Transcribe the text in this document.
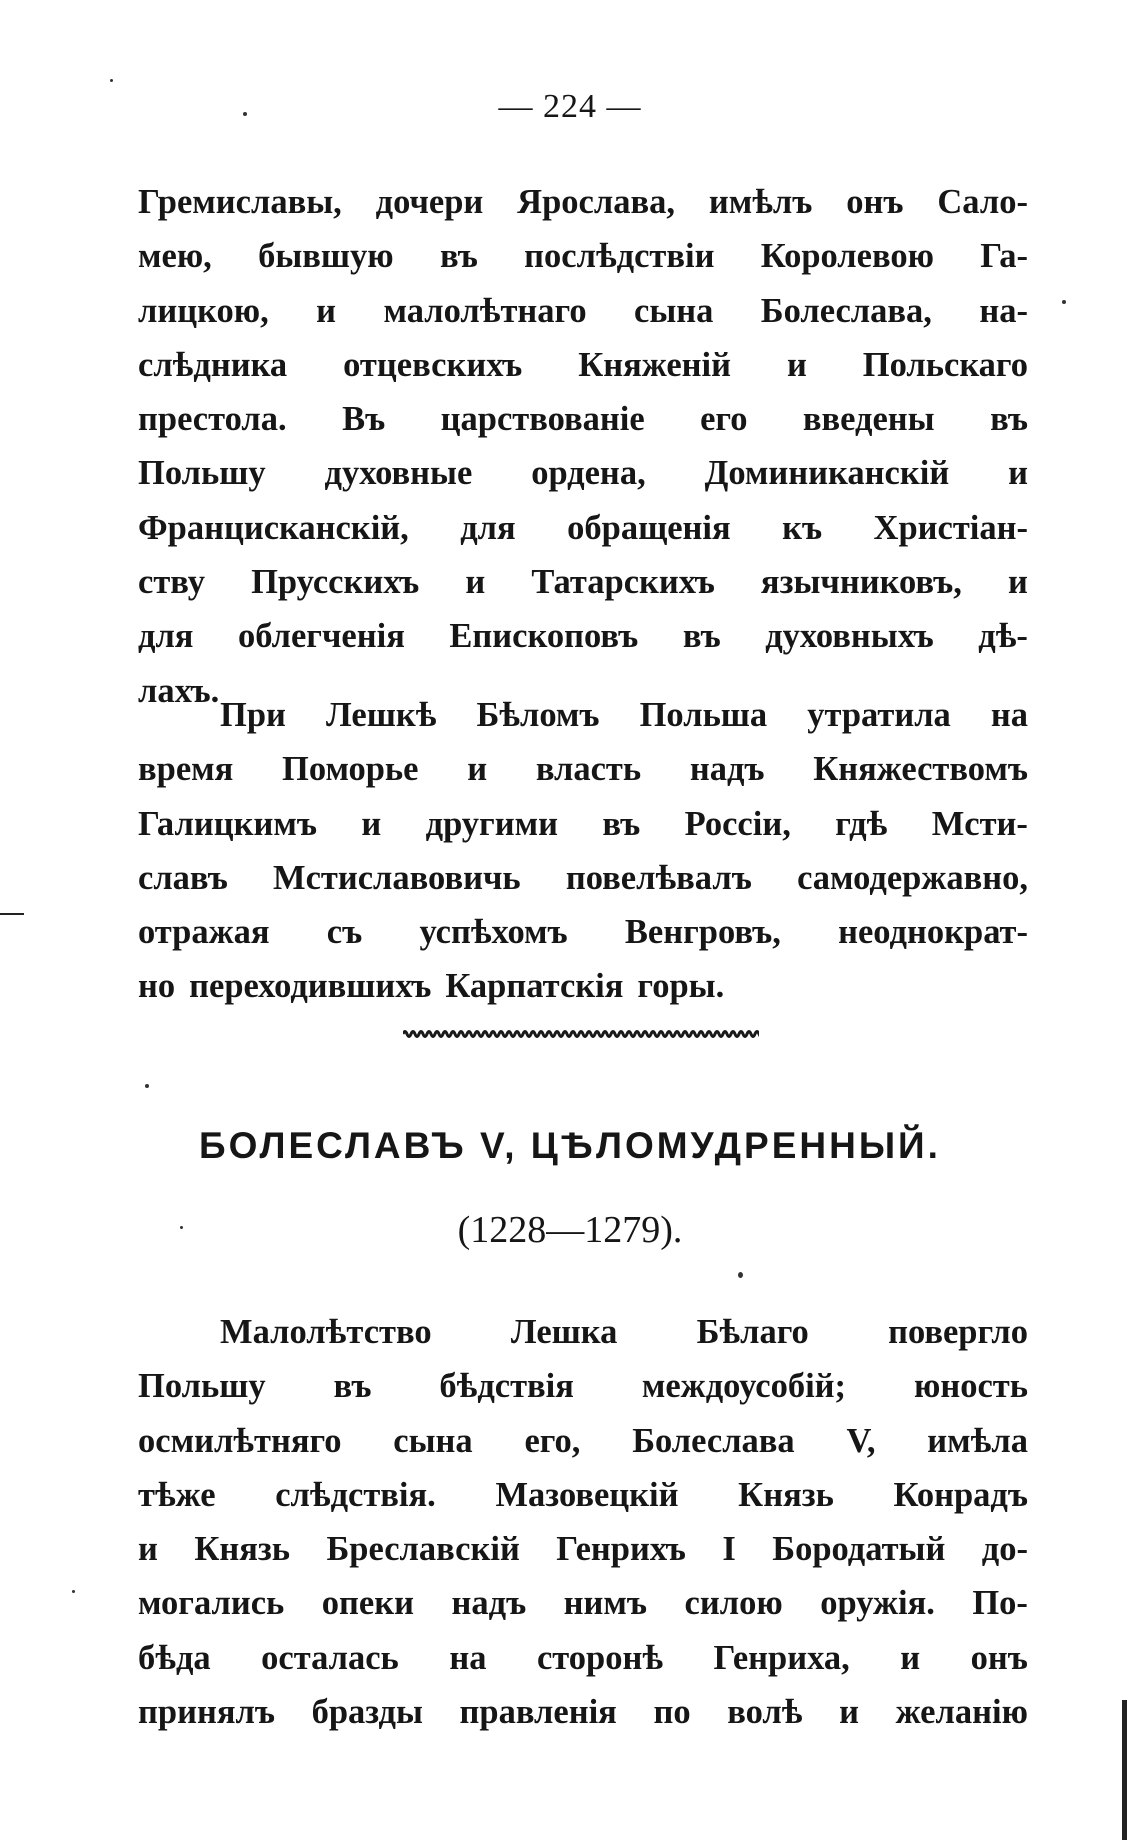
— 224 —
Гремиславы, дочери Ярослава, имѣлъ онъ Сало-
мею, бывшую въ послѣдствіи Королевою Га-
лицкою, и малолѣтнаго сына Болеслава, на-
слѣдника отцевскихъ Княженій и Польскаго
престола. Въ царствованіе его введены въ
Польшу духовные ордена, Доминиканскій и
Францисканскій, для обращенія къ Христіан-
ству Прусскихъ и Татарскихъ язычниковъ, и
для облегченія Епископовъ въ духовныхъ дѣ-
лахъ.
При Лешкѣ Бѣломъ Польша утратила на
время Поморье и власть надъ Княжествомъ
Галицкимъ и другими въ Россіи, гдѣ Мсти-
славъ Мстиславовичь повелѣвалъ самодержавно,
отражая съ успѣхомъ Венгровъ, неоднократ-
но переходившихъ Карпатскія горы.
БОЛЕСЛАВЪ V, ЦѢЛОМУДРЕННЫЙ.
(1228—1279).
Малолѣтство Лешка Бѣлаго повергло
Польшу въ бѣдствія междоусобій; юность
осмилѣтняго сына его, Болеслава V, имѣла
тѣже слѣдствія. Мазовецкій Князь Конрадъ
и Князь Бреславскій Генрихъ I Бородатый до-
могались опеки надъ нимъ силою оружія. По-
бѣда осталась на сторонѣ Генриха, и онъ
принялъ бразды правленія по волѣ и желанію
